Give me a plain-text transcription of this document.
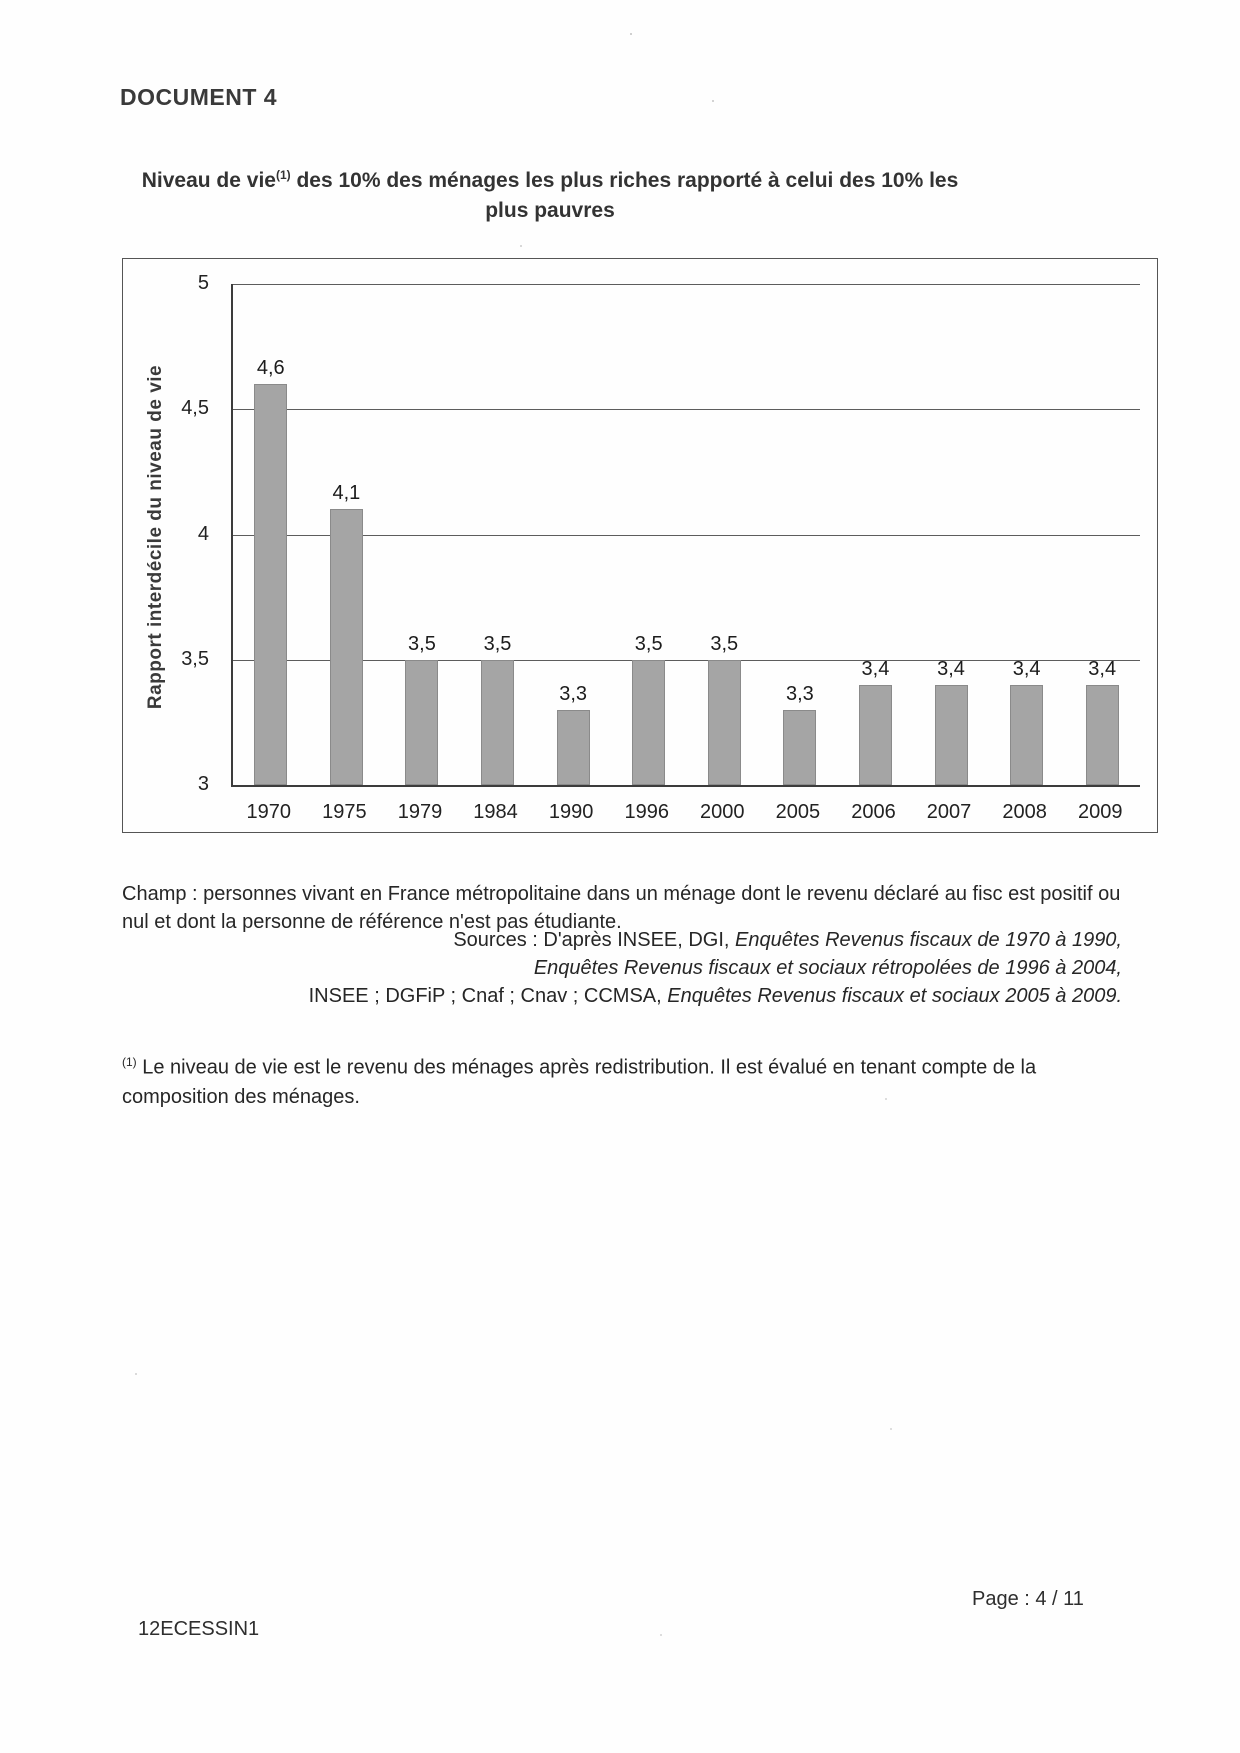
DOCUMENT 4
Niveau de vie$^{(1)}$ des 10% des ménages les plus riches rapporté à celui des 10% les plus pauvres
Rapport interdécile du niveau de vie
5
4,5
4
3,5
3
4,6
4,1
3,5	3,5
3,3
3,5	3,5
3,3
3,4	3,4	3,4	3,4
1970	1975	1979	1984	1990	1996	2000	2005	2006	2007	2008	2009

Champ : personnes vivant en France métropolitaine dans un ménage dont le revenu déclaré au fisc est positif ou nul et dont la personne de référence n'est pas étudiante.

Sources : D'après INSEE, DGI, Enquêtes Revenus fiscaux de 1970 à 1990,
Enquêtes Revenus fiscaux et sociaux rétropolées de 1996 à 2004,
INSEE ; DGFiP ; Cnaf ; Cnav ; CCMSA, Enquêtes Revenus fiscaux et sociaux 2005 à 2009.

$^{(1)}$ Le niveau de vie est le revenu des ménages après redistribution. Il est évalué en tenant compte de la composition des ménages.

Page : 4 / 11
12ECESSIN1
